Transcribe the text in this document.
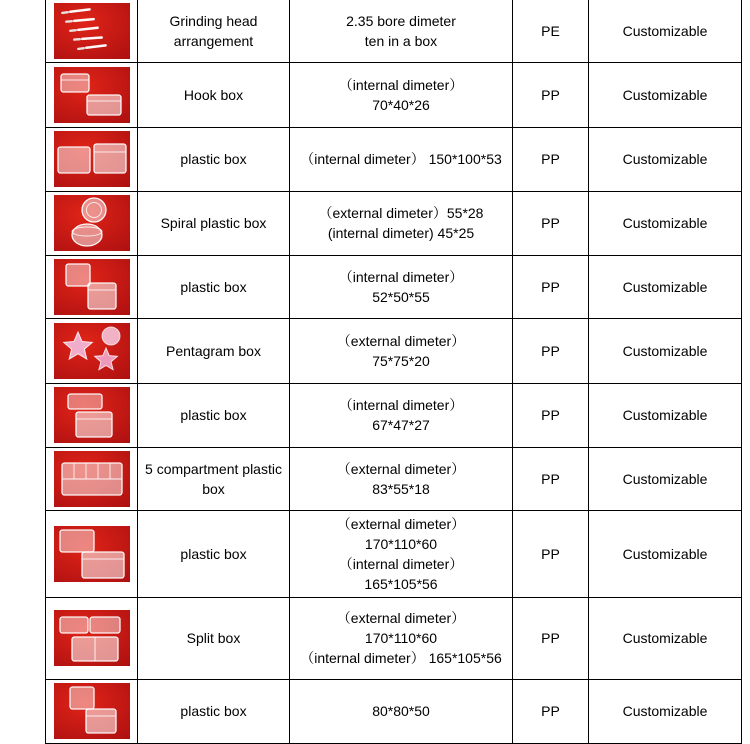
	Grinding head arrangement	2.35 bore dimeter
ten in a box	PE	Customizable

	Hook box	（internal dimeter）
70*40*26	PP	Customizable

	plastic box	（internal dimeter） 150*100*53	PP	Customizable

	Spiral plastic box	（external dimeter）55*28
(internal dimeter) 45*25	PP	Customizable

	plastic box	（internal dimeter）
52*50*55	PP	Customizable

	Pentagram box	（external dimeter）
75*75*20	PP	Customizable

	plastic box	（internal dimeter）
67*47*27	PP	Customizable

	5 compartment plastic box	（external dimeter）
83*55*18	PP	Customizable

	plastic box	（external dimeter）
170*110*60
（internal dimeter）
165*105*56	PP	Customizable

	Split box	（external dimeter）
170*110*60
（internal dimeter） 165*105*56	PP	Customizable

	plastic box	80*80*50	PP	Customizable
